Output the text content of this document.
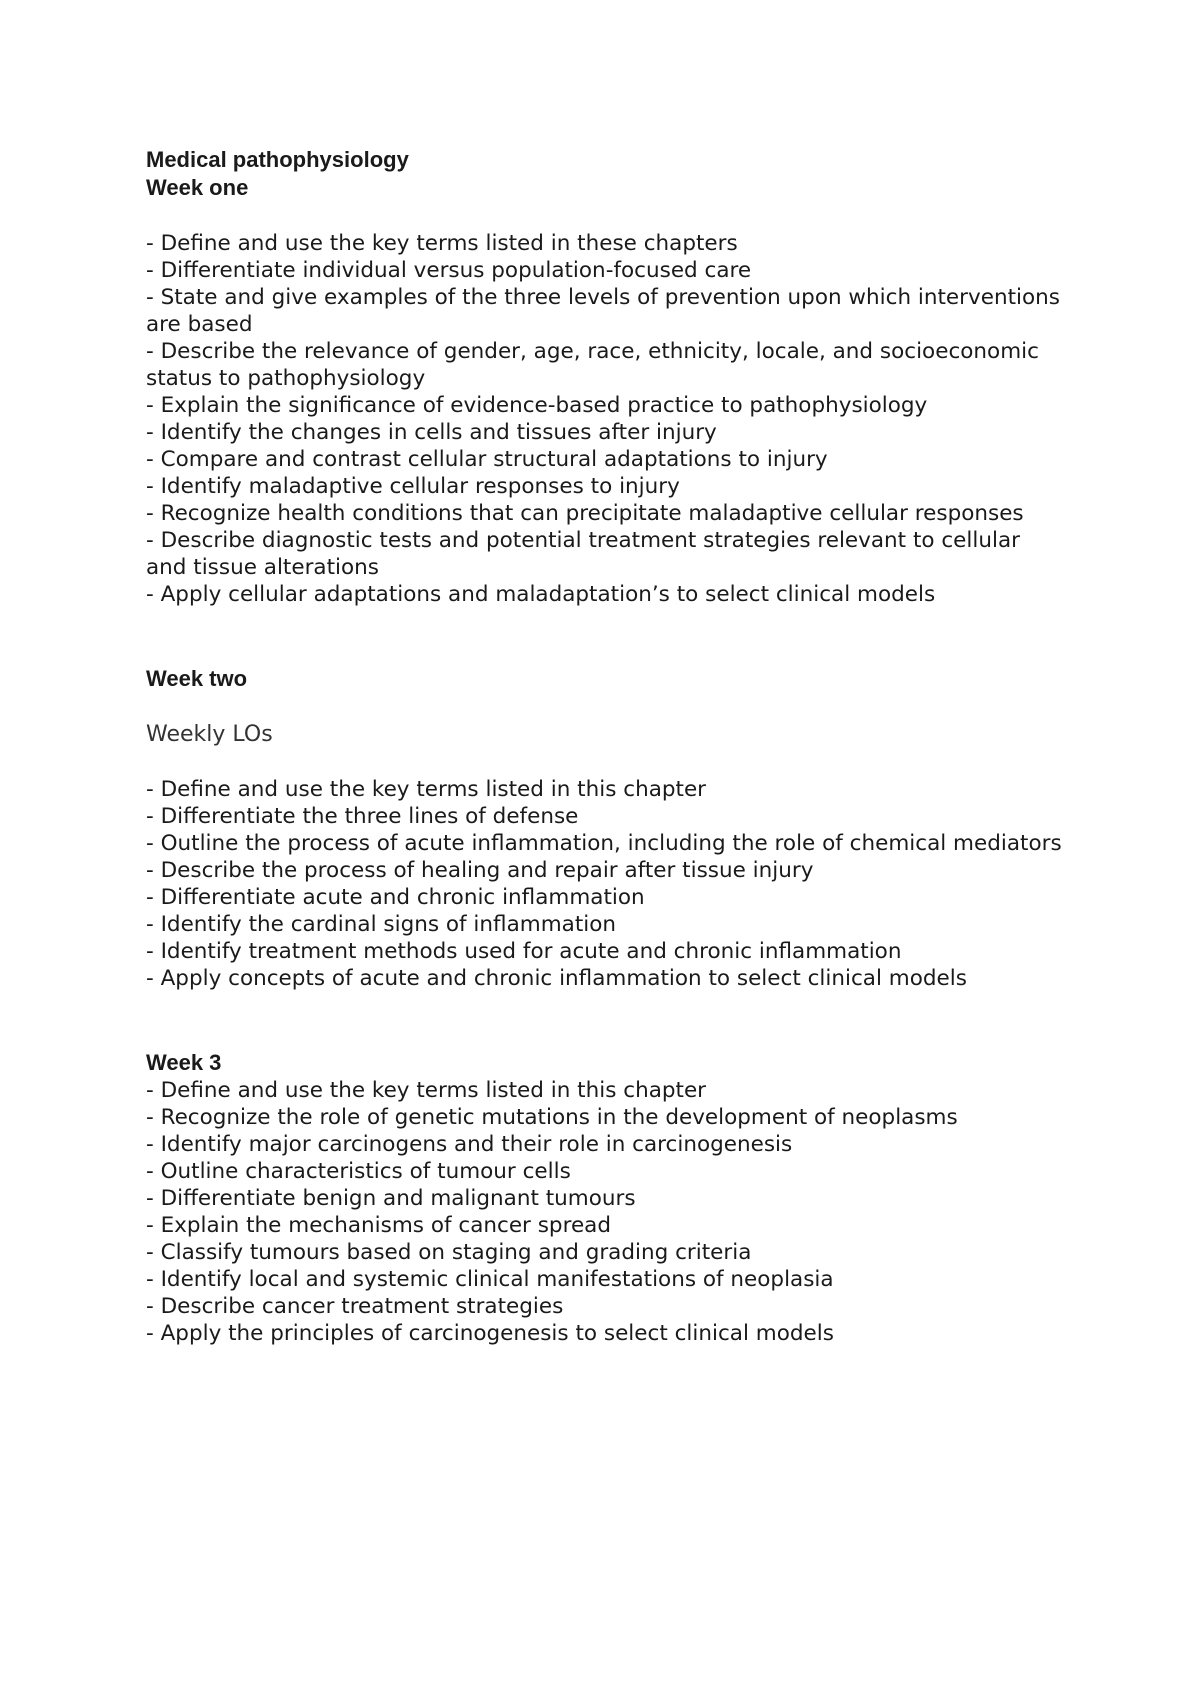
Medical pathophysiology

Week one

- Define and use the key terms listed in these chapters
- Differentiate individual versus population-focused care
- State and give examples of the three levels of prevention upon which interventions are based
- Describe the relevance of gender, age, race, ethnicity, locale, and socioeconomic status to pathophysiology
- Explain the significance of evidence-based practice to pathophysiology
- Identify the changes in cells and tissues after injury
- Compare and contrast cellular structural adaptations to injury
- Identify maladaptive cellular responses to injury
- Recognize health conditions that can precipitate maladaptive cellular responses
- Describe diagnostic tests and potential treatment strategies relevant to cellular and tissue alterations
- Apply cellular adaptations and maladaptation’s to select clinical models

Week two

Weekly LOs

- Define and use the key terms listed in this chapter
- Differentiate the three lines of defense
- Outline the process of acute inflammation, including the role of chemical mediators
- Describe the process of healing and repair after tissue injury
- Differentiate acute and chronic inflammation
- Identify the cardinal signs of inflammation
- Identify treatment methods used for acute and chronic inflammation
- Apply concepts of acute and chronic inflammation to select clinical models

Week 3

- Define and use the key terms listed in this chapter
- Recognize the role of genetic mutations in the development of neoplasms
- Identify major carcinogens and their role in carcinogenesis
- Outline characteristics of tumour cells
- Differentiate benign and malignant tumours
- Explain the mechanisms of cancer spread
- Classify tumours based on staging and grading criteria
- Identify local and systemic clinical manifestations of neoplasia
- Describe cancer treatment strategies
- Apply the principles of carcinogenesis to select clinical models
